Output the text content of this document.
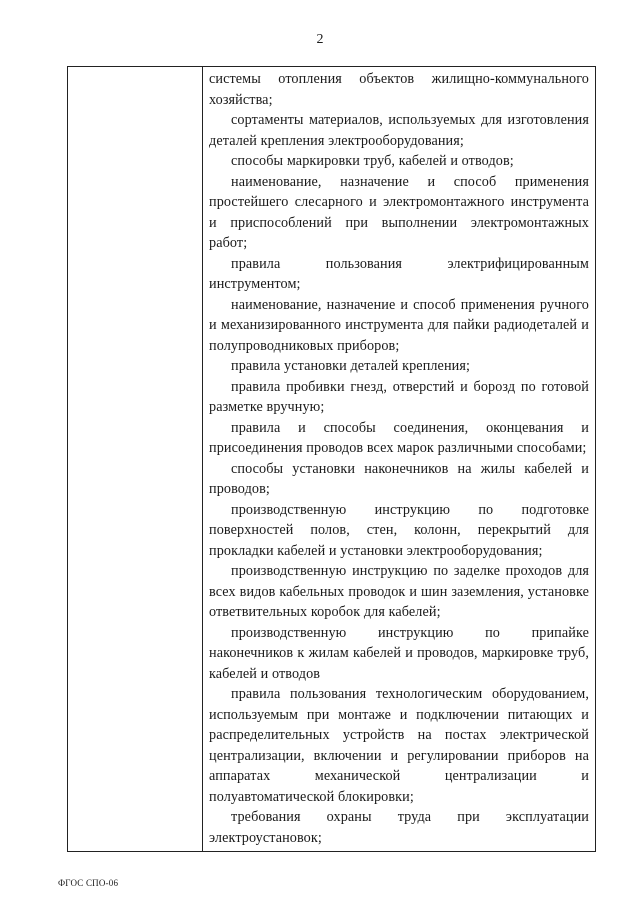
2

системы отопления объектов жилищно-коммунального хозяйства;

сортаменты материалов, используемых для изготовления деталей крепления электрооборудования;

способы маркировки труб, кабелей и отводов;

наименование, назначение и способ применения простейшего слесарного и электромонтажного инструмента и приспособлений при выполнении электромонтажных работ;

правила пользования электрифицированным инструментом;

наименование, назначение и способ применения ручного и механизированного инструмента для пайки радиодеталей и полупроводниковых приборов;

правила установки деталей крепления;

правила пробивки гнезд, отверстий и борозд по готовой разметке вручную;

правила и способы соединения, оконцевания и присоединения проводов всех марок различными способами;

способы установки наконечников на жилы кабелей и проводов;

производственную инструкцию по подготовке поверхностей полов, стен, колонн, перекрытий для прокладки кабелей и установки электрооборудования;

производственную инструкцию по заделке проходов для всех видов кабельных проводок и шин заземления, установке ответвительных коробок для кабелей;

производственную инструкцию по припайке наконечников к жилам кабелей и проводов, маркировке труб, кабелей и отводов

правила пользования технологическим оборудованием, используемым при монтаже и подключении питающих и распределительных устройств на постах электрической централизации, включении и регулировании приборов на аппаратах механической централизации и полуавтоматической блокировки;

требования охраны труда при эксплуатации электроустановок;

ФГОС СПО-06
